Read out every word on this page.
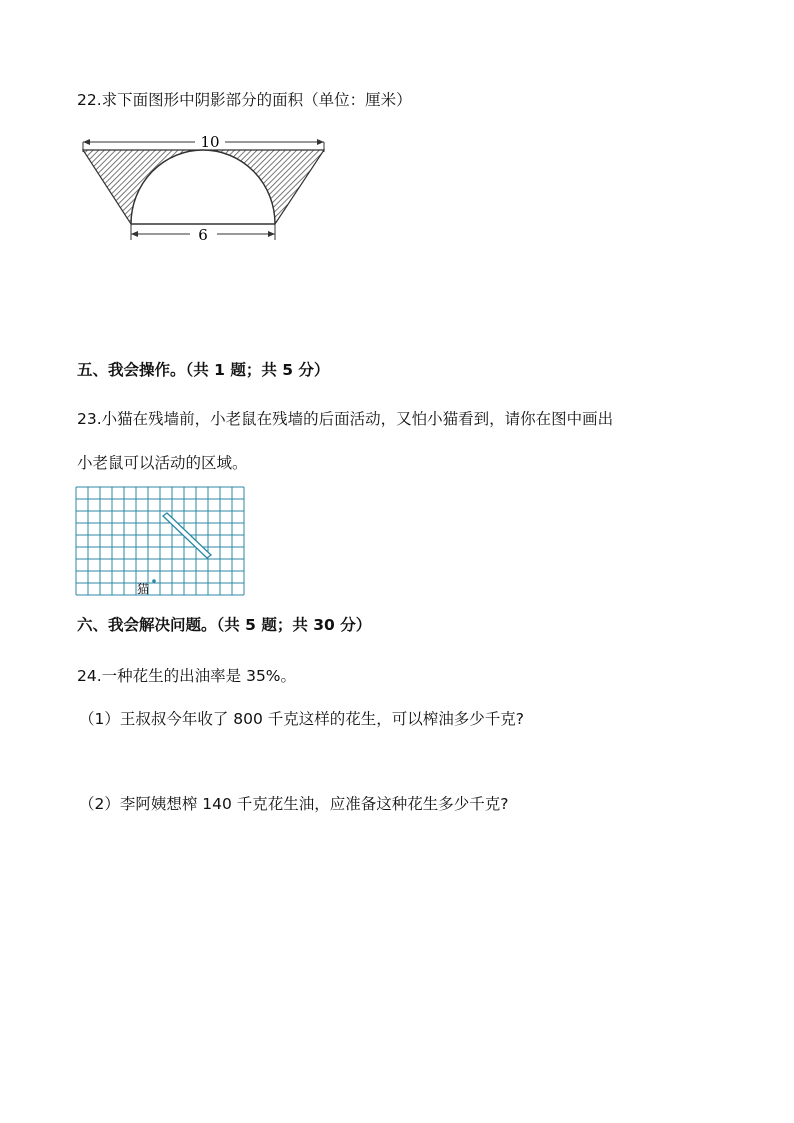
22.求下面图形中阴影部分的面积（单位：厘米）
10
6
五、我会操作。（共 1 题；共 5 分）
23.小猫在残墙前，小老鼠在残墙的后面活动，又怕小猫看到，请你在图中画出
小老鼠可以活动的区域。
猫
六、我会解决问题。（共 5 题；共 30 分）
24.一种花生的出油率是 35%。
（1）王叔叔今年收了 800 千克这样的花生，可以榨油多少千克?
（2）李阿姨想榨 140 千克花生油，应准备这种花生多少千克?
